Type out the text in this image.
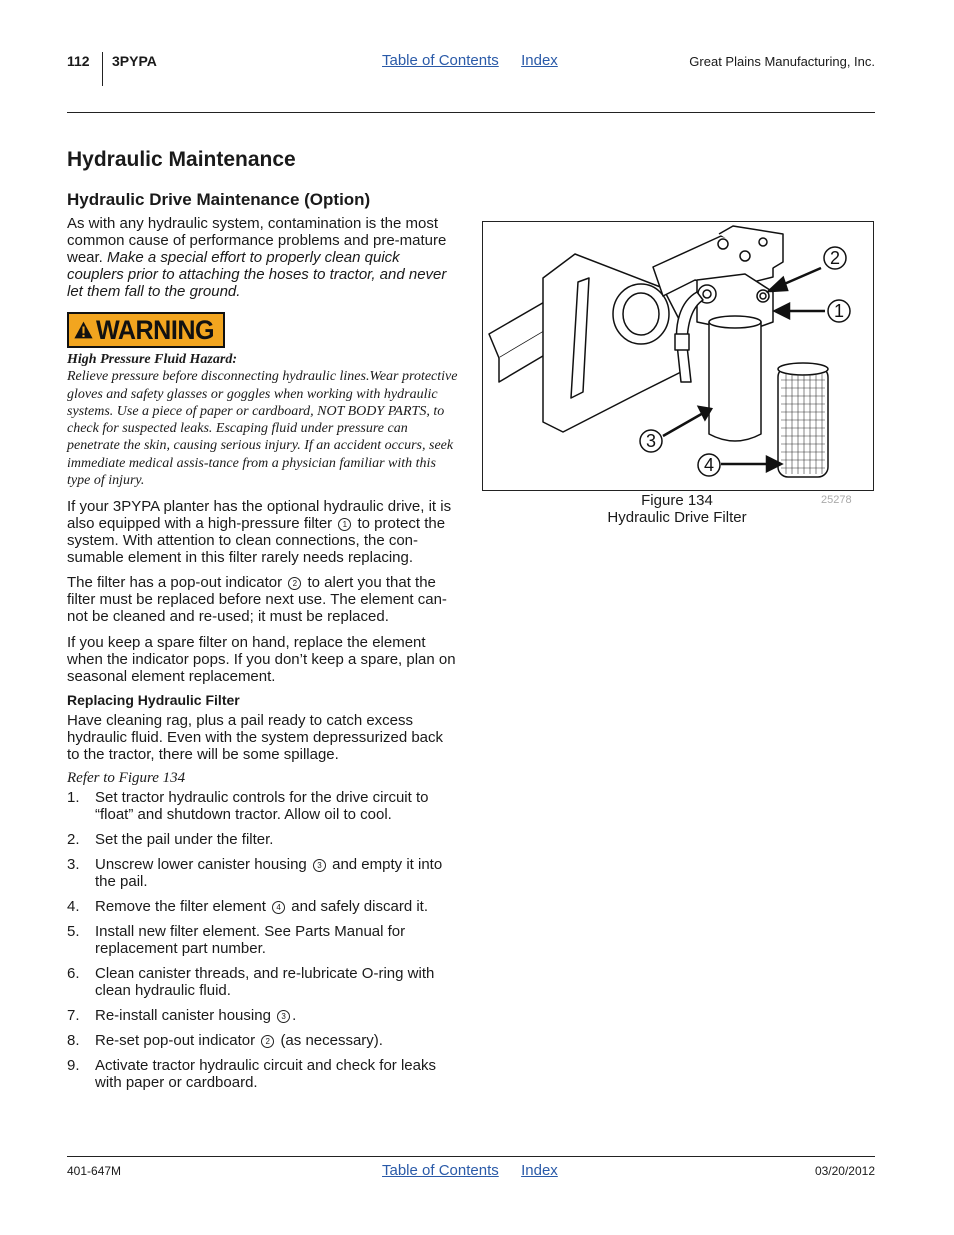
112 3PYPA	Table of Contents Index	Great Plains Manufacturing, Inc.
Hydraulic Maintenance
Hydraulic Drive Maintenance (Option)
As with any hydraulic system, contamination is the most common cause of performance problems and pre-mature wear. Make a special effort to properly clean quick couplers prior to attaching the hoses to tractor, and never let them fall to the ground.
WARNING
High Pressure Fluid Hazard:
Relieve pressure before disconnecting hydraulic lines.Wear protective gloves and safety glasses or goggles when working with hydraulic systems. Use a piece of paper or cardboard, NOT BODY PARTS, to check for suspected leaks. Escaping fluid under pressure can penetrate the skin, causing serious injury. If an accident occurs, seek immediate medical assis-tance from a physician familiar with this type of injury.
If your 3PYPA planter has the optional hydraulic drive, it is also equipped with a high-pressure filter 1 to protect the system. With attention to clean connections, the con-sumable element in this filter rarely needs replacing.
The filter has a pop-out indicator 2 to alert you that the filter must be replaced before next use. The element can-not be cleaned and re-used; it must be replaced.
If you keep a spare filter on hand, replace the element when the indicator pops. If you don’t keep a spare, plan on seasonal element replacement.
Replacing Hydraulic Filter
Have cleaning rag, plus a pail ready to catch excess hydraulic fluid. Even with the system depressurized back to the tractor, there will be some spillage.
Refer to Figure 134
1. Set tractor hydraulic controls for the drive circuit to “float” and shutdown tractor. Allow oil to cool.
2. Set the pail under the filter.
3. Unscrew lower canister housing 3 and empty it into the pail.
4. Remove the filter element 4 and safely discard it.
5. Install new filter element. See Parts Manual for replacement part number.
6. Clean canister threads, and re-lubricate O-ring with clean hydraulic fluid.
7. Re-install canister housing 3 .
8. Re-set pop-out indicator 2 (as necessary).
9. Activate tractor hydraulic circuit and check for leaks with paper or cardboard.
2
1
3
4
Figure 134
Hydraulic Drive Filter
25278
401-647M	Table of Contents Index	03/20/2012
